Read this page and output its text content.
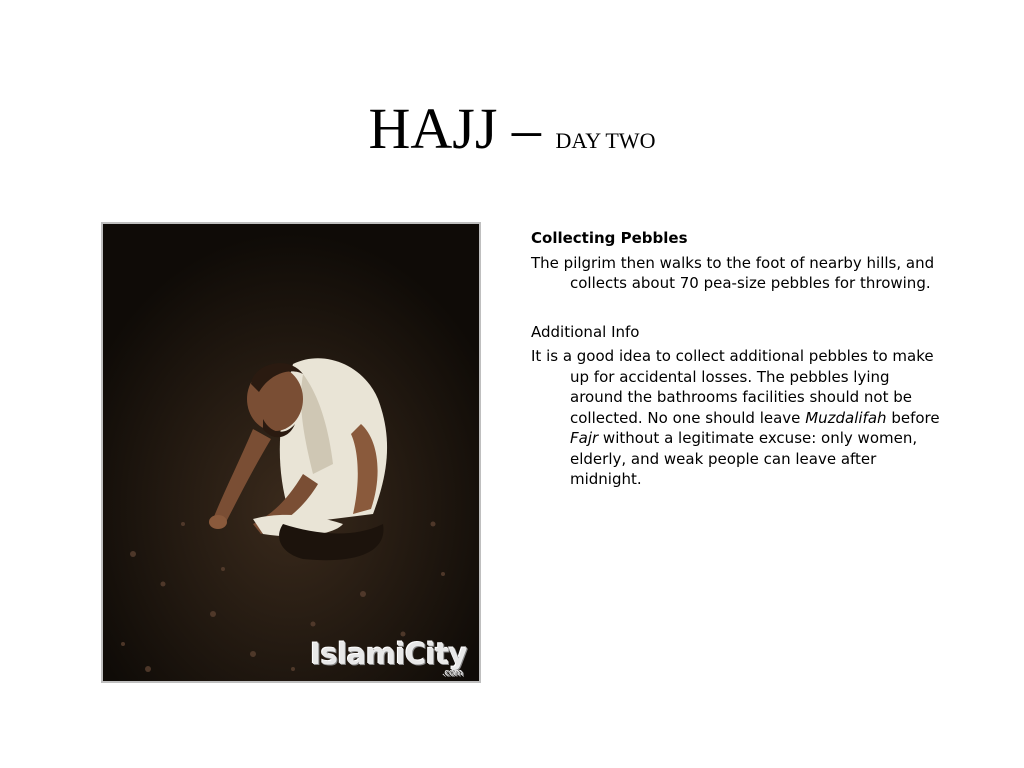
HAJJ – DAY TWO
IslamiCity
.com
Collecting Pebbles
The pilgrim then walks to the foot of nearby hills, and collects about 70 pea-size pebbles for throwing.
Additional Info
It is a good idea to collect additional pebbles to make up for accidental losses. The pebbles lying around the bathrooms facilities should not be collected. No one should leave Muzdalifah before Fajr without a legitimate excuse: only women, elderly, and weak people can leave after midnight.
